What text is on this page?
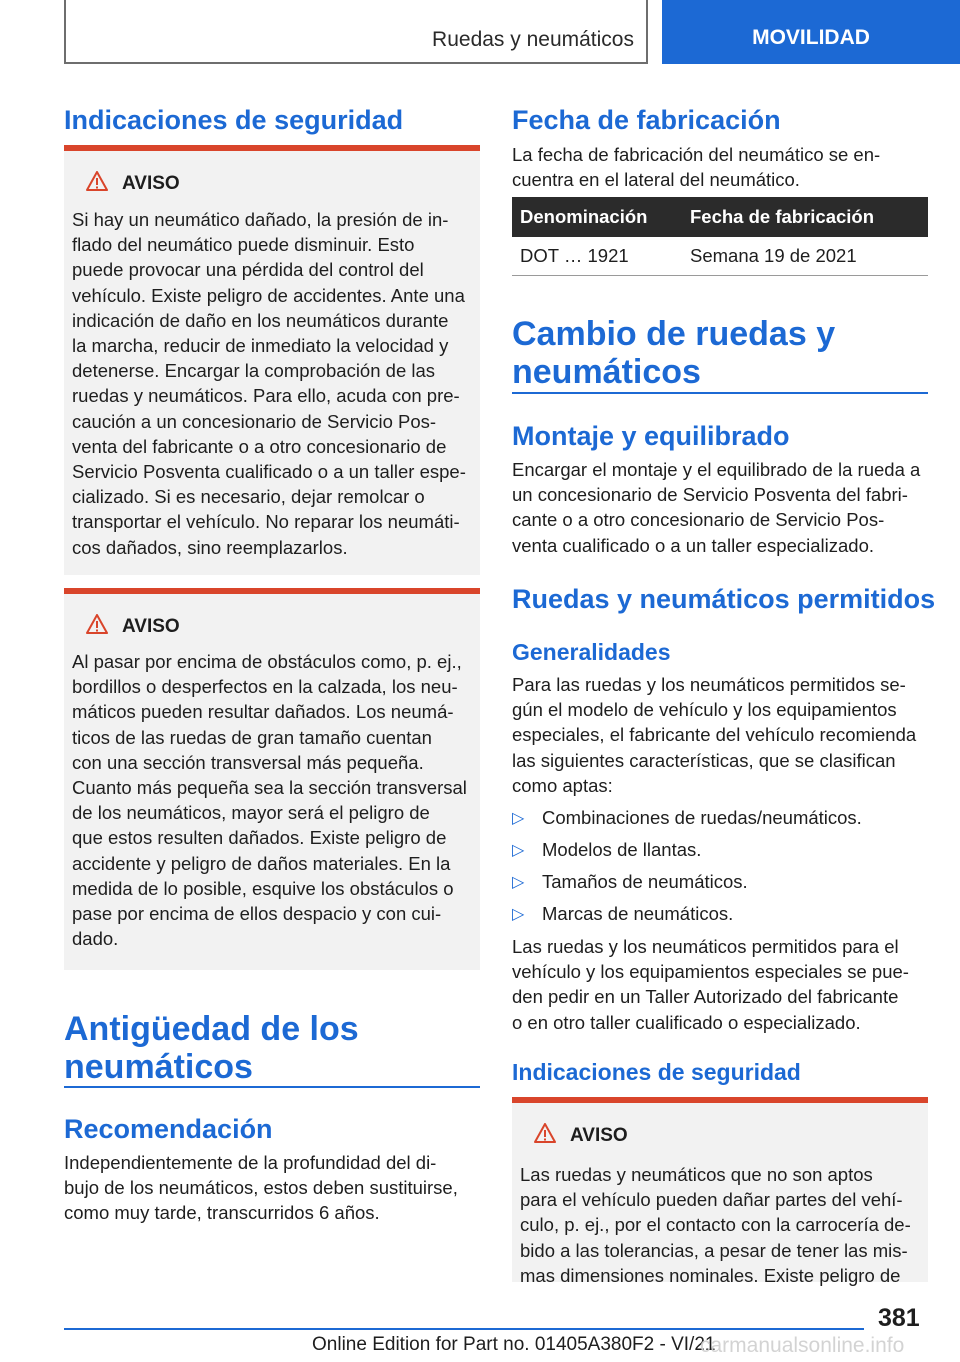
Ruedas y neumáticos	MOVILIDAD
Indicaciones de seguridad
AVISO
Si hay un neumático dañado, la presión de in-
flado del neumático puede disminuir. Esto
puede provocar una pérdida del control del
vehículo. Existe peligro de accidentes. Ante una
indicación de daño en los neumáticos durante
la marcha, reducir de inmediato la velocidad y
detenerse. Encargar la comprobación de las
ruedas y neumáticos. Para ello, acuda con pre-
caución a un concesionario de Servicio Pos-
venta del fabricante o a otro concesionario de
Servicio Posventa cualificado o a un taller espe-
cializado. Si es necesario, dejar remolcar o
transportar el vehículo. No reparar los neumáti-
cos dañados, sino reemplazarlos.
AVISO
Al pasar por encima de obstáculos como, p. ej.,
bordillos o desperfectos en la calzada, los neu-
máticos pueden resultar dañados. Los neumá-
ticos de las ruedas de gran tamaño cuentan
con una sección transversal más pequeña.
Cuanto más pequeña sea la sección transversal
de los neumáticos, mayor será el peligro de
que estos resulten dañados. Existe peligro de
accidente y peligro de daños materiales. En la
medida de lo posible, esquive los obstáculos o
pase por encima de ellos despacio y con cui-
dado.
Antigüedad de los
neumáticos
Recomendación
Independientemente de la profundidad del di-
bujo de los neumáticos, estos deben sustituirse,
como muy tarde, transcurridos 6 años.
Fecha de fabricación
La fecha de fabricación del neumático se en-
cuentra en el lateral del neumático.
Denominación	Fecha de fabricación
DOT … 1921	Semana 19 de 2021
Cambio de ruedas y
neumáticos
Montaje y equilibrado
Encargar el montaje y el equilibrado de la rueda a
un concesionario de Servicio Posventa del fabri-
cante o a otro concesionario de Servicio Pos-
venta cualificado o a un taller especializado.
Ruedas y neumáticos permitidos
Generalidades
Para las ruedas y los neumáticos permitidos se-
gún el modelo de vehículo y los equipamientos
especiales, el fabricante del vehículo recomienda
las siguientes características, que se clasifican
como aptas:
▷ Combinaciones de ruedas/neumáticos.
▷ Modelos de llantas.
▷ Tamaños de neumáticos.
▷ Marcas de neumáticos.
Las ruedas y los neumáticos permitidos para el
vehículo y los equipamientos especiales se pue-
den pedir en un Taller Autorizado del fabricante
o en otro taller cualificado o especializado.
Indicaciones de seguridad
AVISO
Las ruedas y neumáticos que no son aptos
para el vehículo pueden dañar partes del vehí-
culo, p. ej., por el contacto con la carrocería de-
bido a las tolerancias, a pesar de tener las mis-
mas dimensiones nominales. Existe peligro de
381
Online Edition for Part no. 01405A380F2 - VI/21
carmanualsonline.info
